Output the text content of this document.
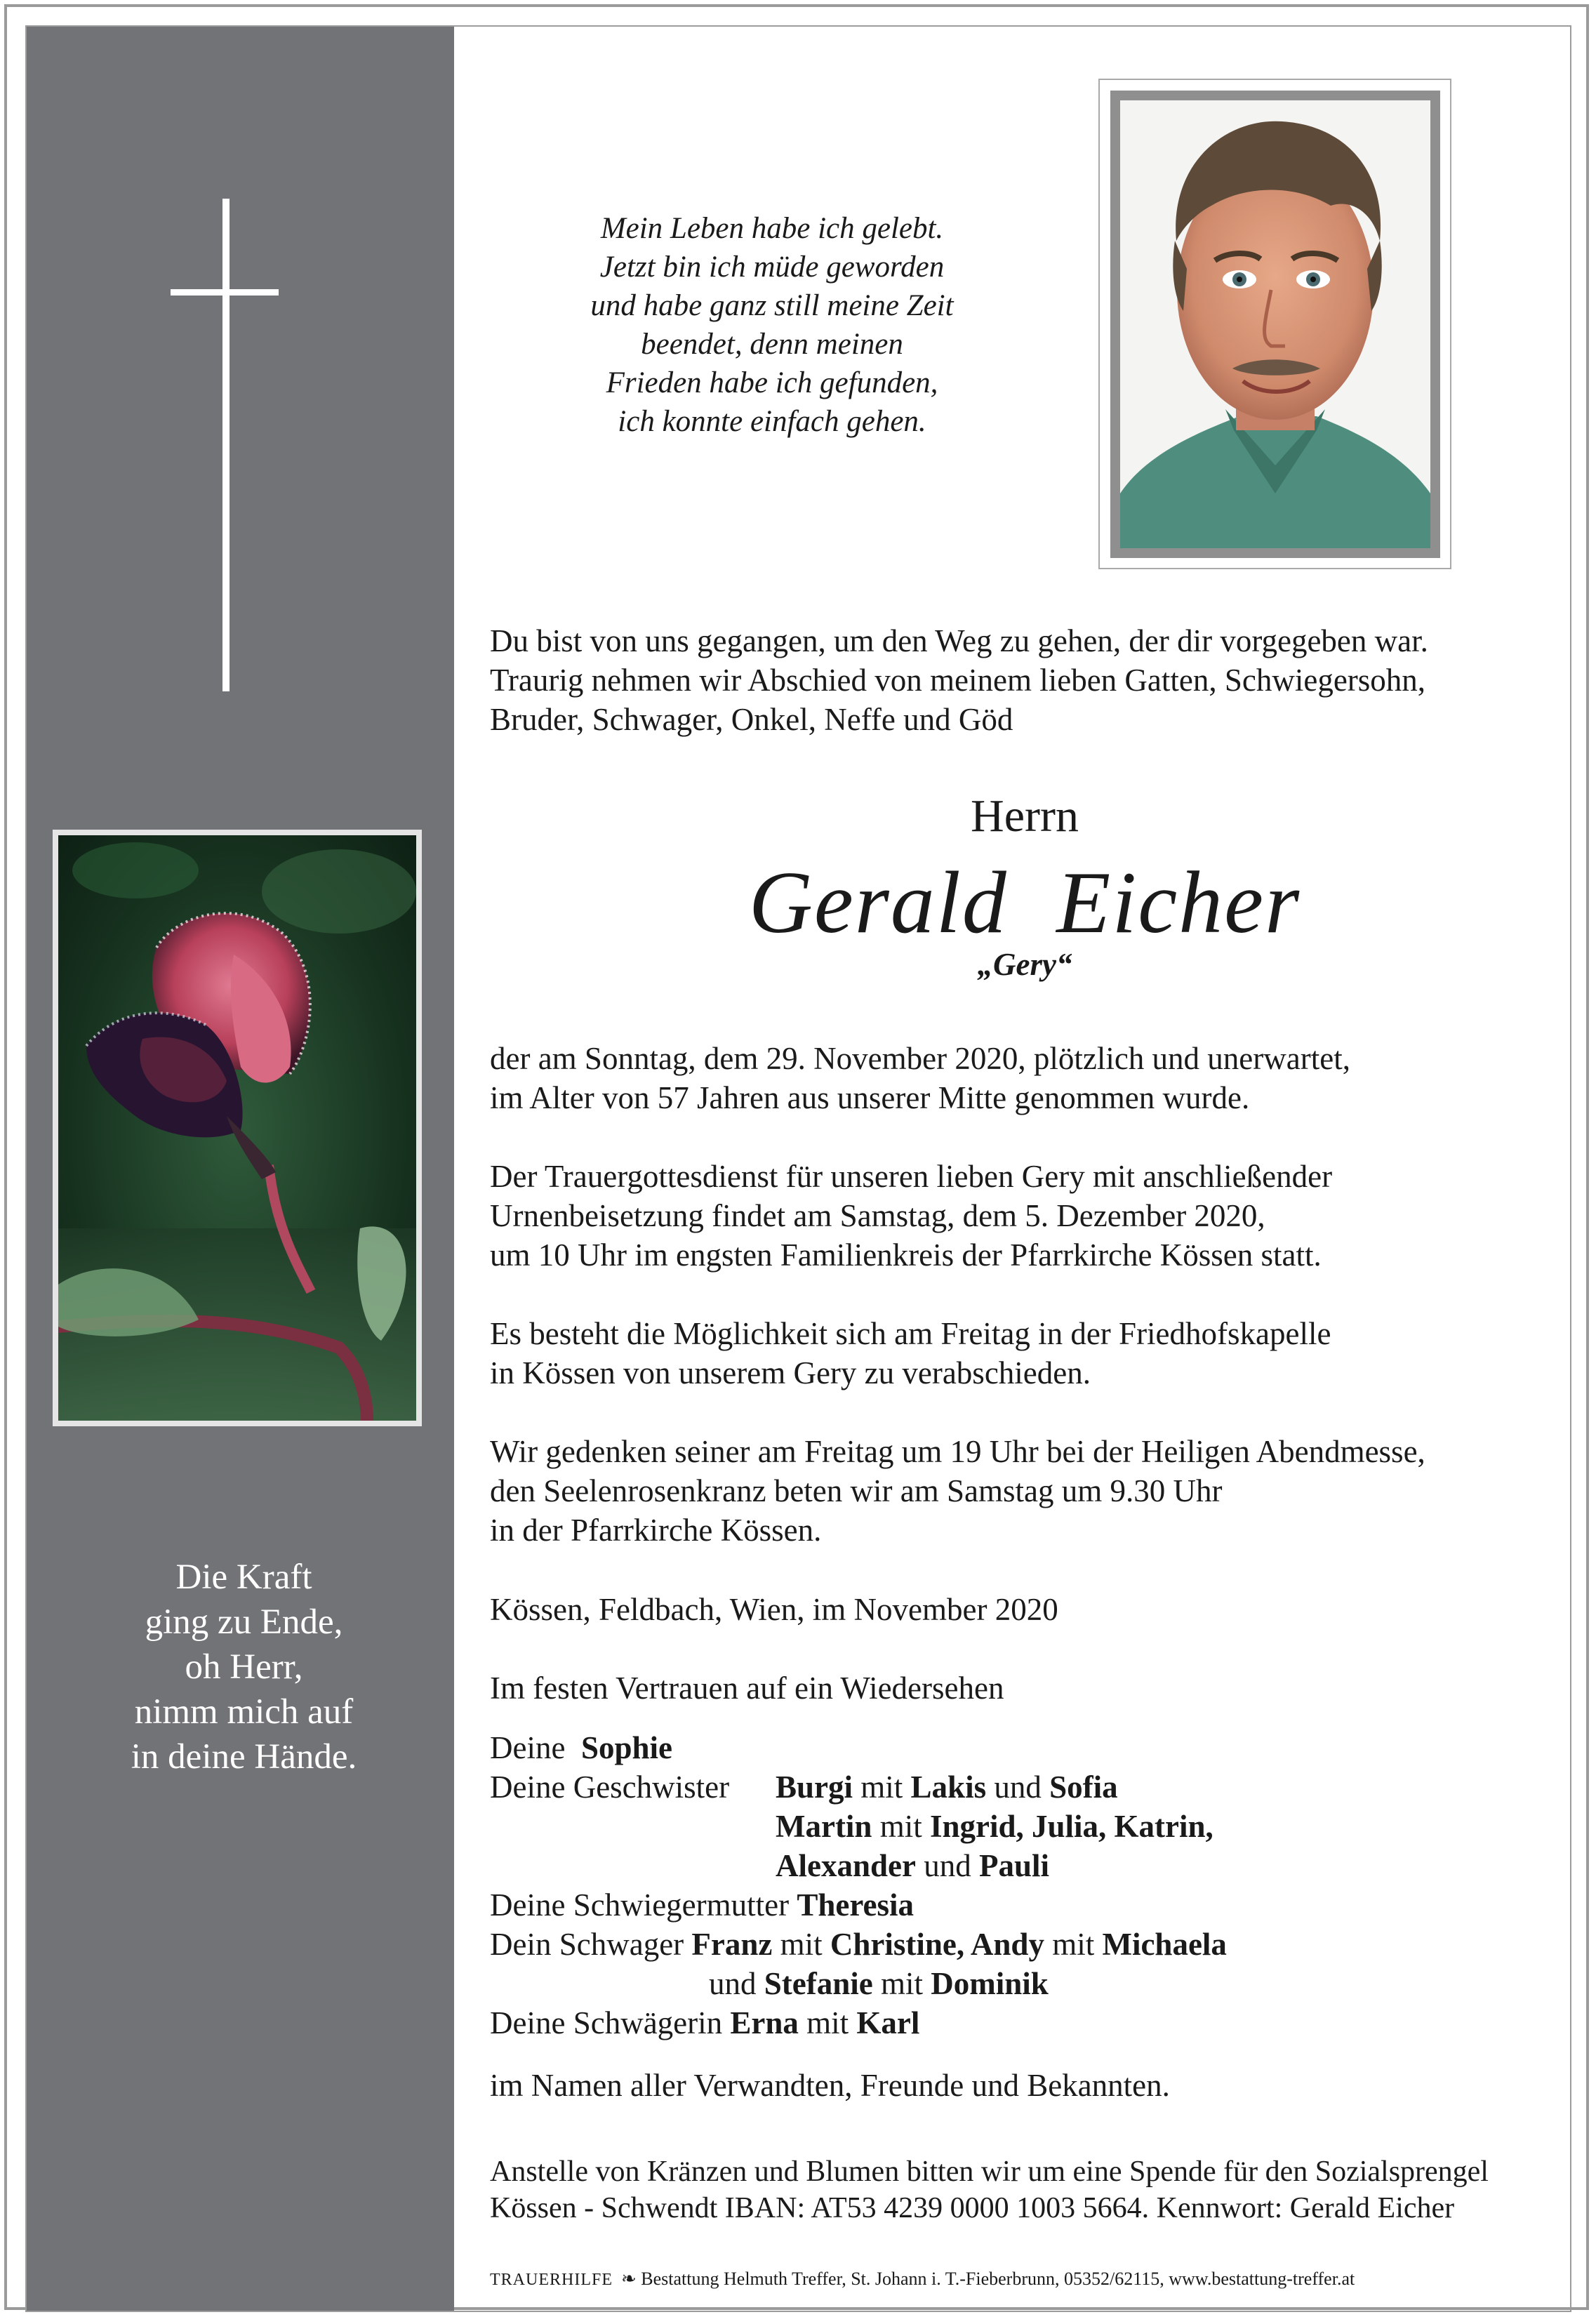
Die Kraft
ging zu Ende,
oh Herr,
nimm mich auf
in deine Hände.
Mein Leben habe ich gelebt.
Jetzt bin ich müde geworden
und habe ganz still meine Zeit
beendet, denn meinen
Frieden habe ich gefunden,
ich konnte einfach gehen.
Du bist von uns gegangen, um den Weg zu gehen, der dir vorgegeben war.
Traurig nehmen wir Abschied von meinem lieben Gatten, Schwiegersohn,
Bruder, Schwager, Onkel, Neffe und Göd
Herrn
Gerald Eicher
„Gery“
der am Sonntag, dem 29. November 2020, plötzlich und unerwartet,
im Alter von 57 Jahren aus unserer Mitte genommen wurde.
Der Trauergottesdienst für unseren lieben Gery mit anschließender
Urnenbeisetzung findet am Samstag, dem 5. Dezember 2020,
um 10 Uhr im engsten Familienkreis der Pfarrkirche Kössen statt.
Es besteht die Möglichkeit sich am Freitag in der Friedhofskapelle
in Kössen von unserem Gery zu verabschieden.
Wir gedenken seiner am Freitag um 19 Uhr bei der Heiligen Abendmesse,
den Seelenrosenkranz beten wir am Samstag um 9.30 Uhr
in der Pfarrkirche Kössen.
Kössen, Feldbach, Wien, im November 2020
Im festen Vertrauen auf ein Wiedersehen
Deine Sophie
Deine Geschwister Burgi mit Lakis und Sofia
Martin mit Ingrid, Julia, Katrin,
Alexander und Pauli
Deine Schwiegermutter Theresia
Dein Schwager Franz mit Christine, Andy mit Michaela
und Stefanie mit Dominik
Deine Schwägerin Erna mit Karl
im Namen aller Verwandten, Freunde und Bekannten.
Anstelle von Kränzen und Blumen bitten wir um eine Spende für den Sozialsprengel
Kössen - Schwendt IBAN: AT53 4239 0000 1003 5664. Kennwort: Gerald Eicher
TRAUERHILFE ❧ Bestattung Helmuth Treffer, St. Johann i. T.-Fieberbrunn, 05352/62115, www.bestattung-treffer.at
